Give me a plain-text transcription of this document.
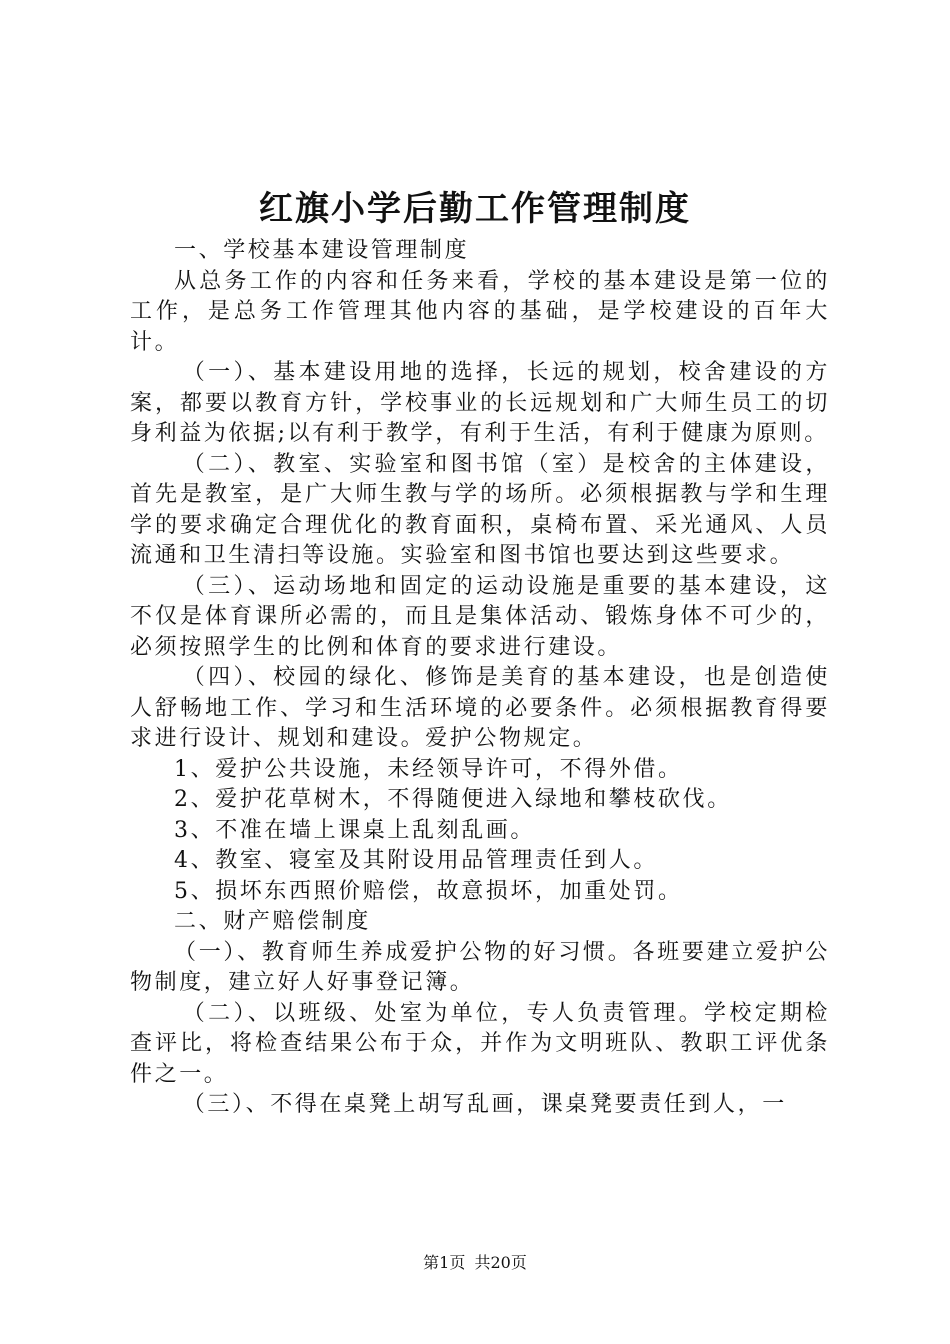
红旗小学后勤工作管理制度

一、学校基本建设管理制度

从总务工作的内容和任务来看，学校的基本建设是第一位的工作，是总务工作管理其他内容的基础，是学校建设的百年大计。

（一）、基本建设用地的选择，长远的规划，校舍建设的方案，都要以教育方针，学校事业的长远规划和广大师生员工的切身利益为依据;以有利于教学，有利于生活，有利于健康为原则。

（二）、教室、实验室和图书馆（室）是校舍的主体建设，首先是教室，是广大师生教与学的场所。必须根据教与学和生理学的要求确定合理优化的教育面积，桌椅布置、采光通风、人员流通和卫生清扫等设施。实验室和图书馆也要达到这些要求。

（三）、运动场地和固定的运动设施是重要的基本建设，这不仅是体育课所必需的，而且是集体活动、锻炼身体不可少的，必须按照学生的比例和体育的要求进行建设。

（四）、校园的绿化、修饰是美育的基本建设，也是创造使人舒畅地工作、学习和生活环境的必要条件。必须根据教育得要求进行设计、规划和建设。爱护公物规定。

1、爱护公共设施，未经领导许可，不得外借。

2、爱护花草树木，不得随便进入绿地和攀枝砍伐。

3、不准在墙上课桌上乱刻乱画。

4、教室、寝室及其附设用品管理责任到人。

5、损坏东西照价赔偿，故意损坏，加重处罚。

二、财产赔偿制度

（一）、教育师生养成爱护公物的好习惯。各班要建立爱护公物制度，建立好人好事登记簿。

（二）、以班级、处室为单位，专人负责管理。学校定期检查评比，将检查结果公布于众，并作为文明班队、教职工评优条件之一。

（三）、不得在桌凳上胡写乱画，课桌凳要责任到人，一

第1页 共20页
